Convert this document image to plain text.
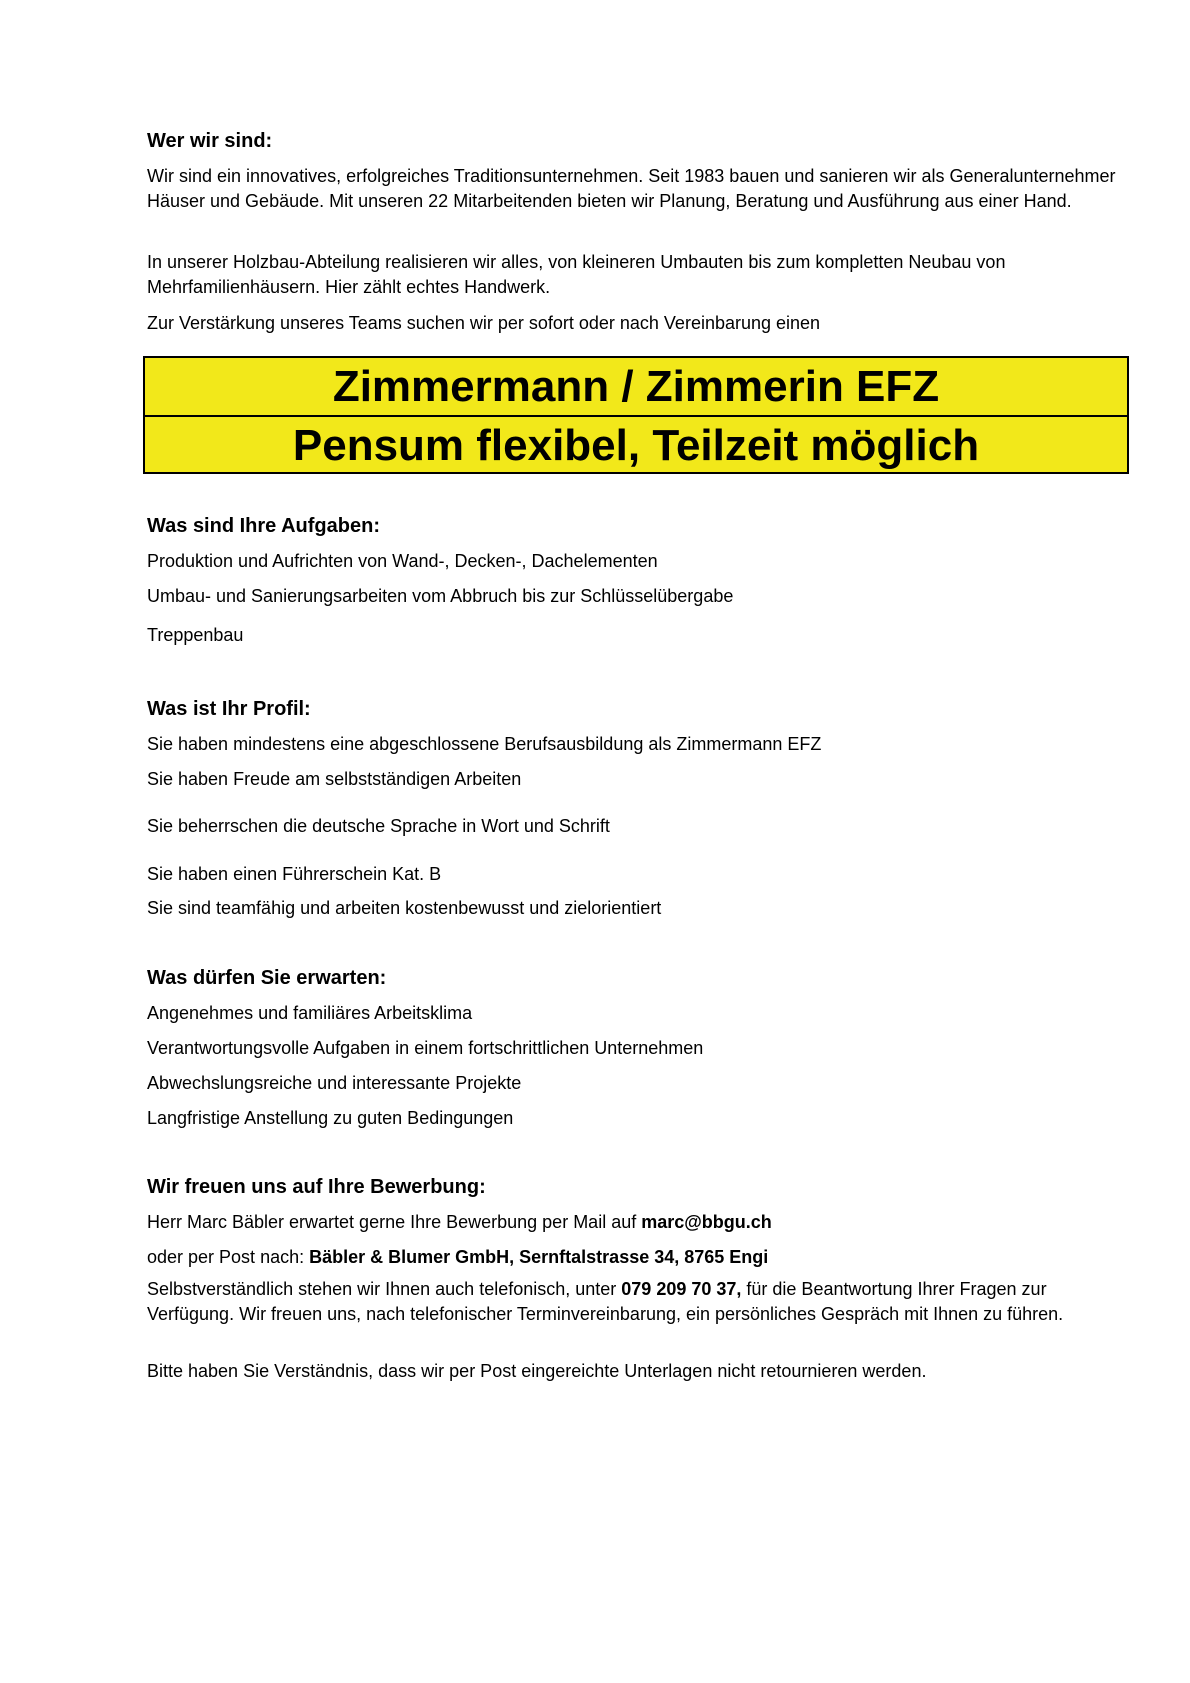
Wer wir sind:
Wir sind ein innovatives, erfolgreiches Traditionsunternehmen. Seit 1983 bauen und sanieren wir als Generalunternehmer Häuser und Gebäude. Mit unseren 22 Mitarbeitenden bieten wir Planung, Beratung und Ausführung aus einer Hand.
In unserer Holzbau-Abteilung realisieren wir alles, von kleineren Umbauten bis zum kompletten Neubau von Mehrfamilienhäusern. Hier zählt echtes Handwerk.
Zur Verstärkung unseres Teams suchen wir per sofort oder nach Vereinbarung einen
Was sind Ihre Aufgaben:
Produktion und Aufrichten von Wand-, Decken-, Dachelementen
Umbau- und Sanierungsarbeiten vom Abbruch bis zur Schlüsselübergabe
Treppenbau
Was ist Ihr Profil:
Sie haben mindestens eine abgeschlossene Berufsausbildung als Zimmermann EFZ
Sie haben Freude am selbstständigen Arbeiten
Sie beherrschen die deutsche Sprache in Wort und Schrift
Sie haben einen Führerschein Kat. B
Sie sind teamfähig und arbeiten kostenbewusst und zielorientiert
Was dürfen Sie erwarten:
Angenehmes und familiäres Arbeitsklima
Verantwortungsvolle Aufgaben in einem fortschrittlichen Unternehmen
Abwechslungsreiche und interessante Projekte
Langfristige Anstellung zu guten Bedingungen
Wir freuen uns auf Ihre Bewerbung:
Herr Marc Bäbler erwartet gerne Ihre Bewerbung per Mail auf marc@bbgu.ch
oder per Post nach: Bäbler & Blumer GmbH, Sernftalstrasse 34, 8765 Engi
Selbstverständlich stehen wir Ihnen auch telefonisch, unter 079 209 70 37, für die Beantwortung Ihrer Fragen zur Verfügung. Wir freuen uns, nach telefonischer Terminvereinbarung, ein persönliches Gespräch mit Ihnen zu führen.
Bitte haben Sie Verständnis, dass wir per Post eingereichte Unterlagen nicht retournieren werden.
Zimmermann / Zimmerin EFZ
Pensum flexibel, Teilzeit möglich
